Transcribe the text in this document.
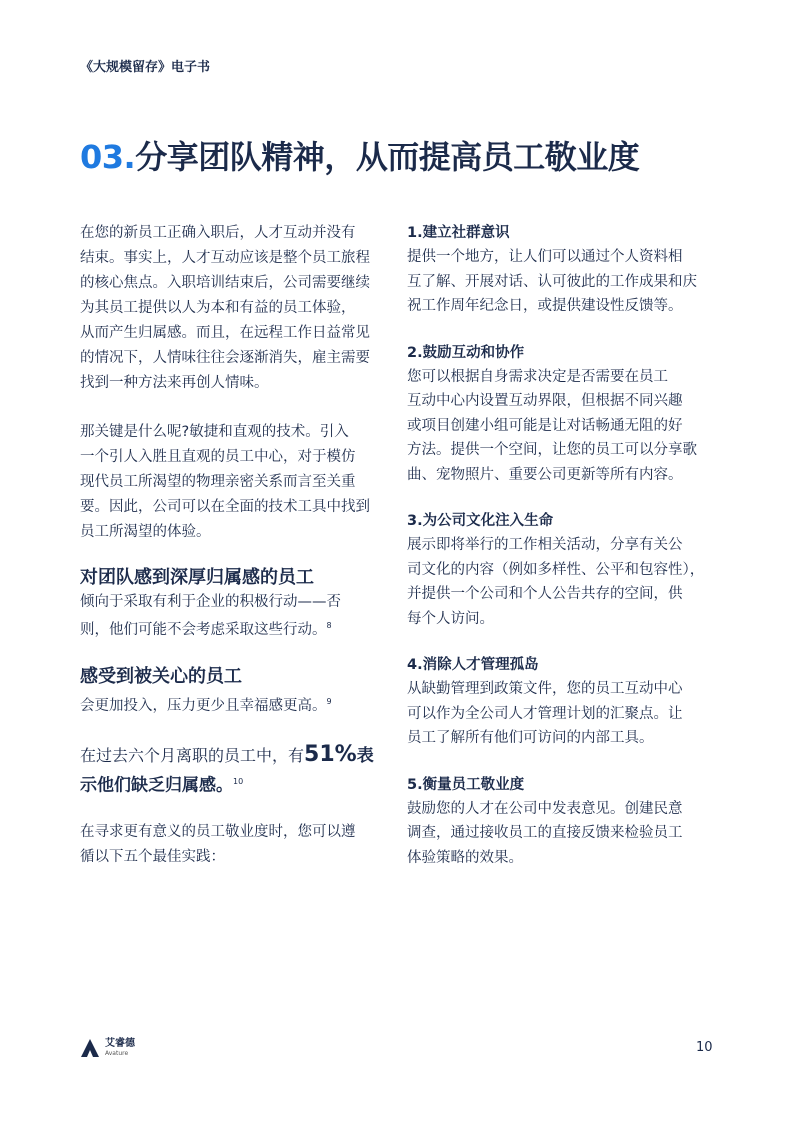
《大规模留存》电子书
03.分享团队精神，从而提高员工敬业度

在您的新员工正确入职后，人才互动并没有
结束。事实上，人才互动应该是整个员工旅程
的核心焦点。入职培训结束后，公司需要继续
为其员工提供以人为本和有益的员工体验，
从而产生归属感。而且，在远程工作日益常见
的情况下，人情味往往会逐渐消失，雇主需要
找到一种方法来再创人情味。

那关键是什么呢?敏捷和直观的技术。引入
一个引人入胜且直观的员工中心，对于模仿
现代员工所渴望的物理亲密关系而言至关重
要。因此，公司可以在全面的技术工具中找到
员工所渴望的体验。

对团队感到深厚归属感的员工

倾向于采取有利于企业的积极行动——否
则，他们可能不会考虑采取这些行动。$^8$

感受到被关心的员工

会更加投入，压力更少且幸福感更高。$^9$

在过去六个月离职的员工中，有51%表
示他们缺乏归属感。$^{10}$

在寻求更有意义的员工敬业度时，您可以遵
循以下五个最佳实践：

1.建立社群意识

提供一个地方，让人们可以通过个人资料相
互了解、开展对话、认可彼此的工作成果和庆
祝工作周年纪念日，或提供建设性反馈等。

2.鼓励互动和协作

您可以根据自身需求决定是否需要在员工
互动中心内设置互动界限，但根据不同兴趣
或项目创建小组可能是让对话畅通无阻的好
方法。提供一个空间，让您的员工可以分享歌
曲、宠物照片、重要公司更新等所有内容。

3.为公司文化注入生命

展示即将举行的工作相关活动，分享有关公
司文化的内容（例如多样性、公平和包容性），
并提供一个公司和个人公告共存的空间，供
每个人访问。

4.消除人才管理孤岛

从缺勤管理到政策文件，您的员工互动中心
可以作为全公司人才管理计划的汇聚点。让
员工了解所有他们可访问的内部工具。

5.衡量员工敬业度

鼓励您的人才在公司中发表意见。创建民意
调查，通过接收员工的直接反馈来检验员工
体验策略的效果。

艾睿德
Avature	10
